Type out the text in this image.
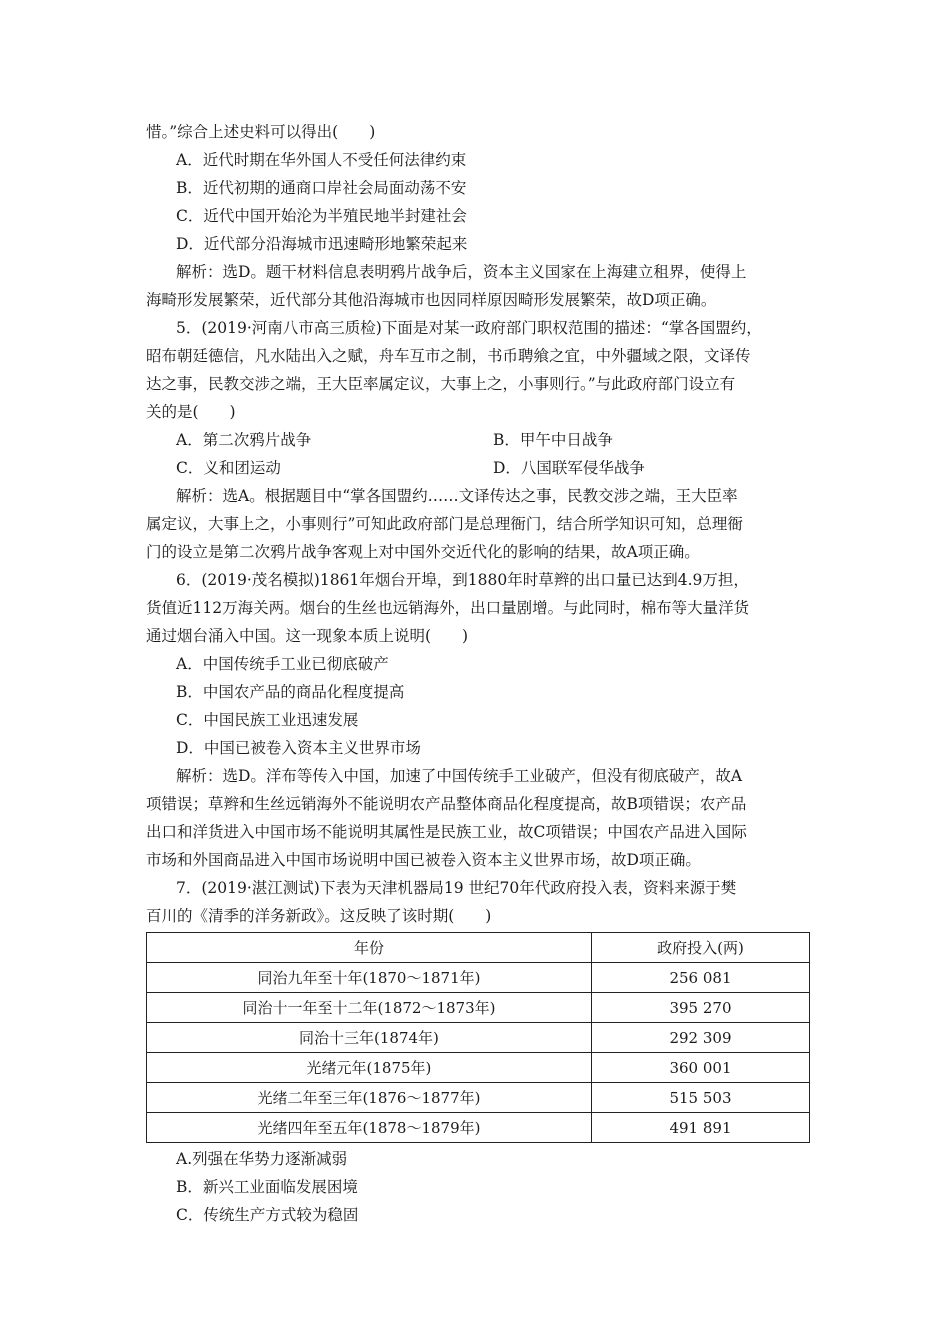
惜。”综合上述史料可以得出(　　)
A．近代时期在华外国人不受任何法律约束
B．近代初期的通商口岸社会局面动荡不安
C．近代中国开始沦为半殖民地半封建社会
D．近代部分沿海城市迅速畸形地繁荣起来
解析：选D。题干材料信息表明鸦片战争后，资本主义国家在上海建立租界，使得上
海畸形发展繁荣，近代部分其他沿海城市也因同样原因畸形发展繁荣，故D项正确。
5．(2019·河南八市高三质检)下面是对某一政府部门职权范围的描述：“掌各国盟约，
昭布朝廷德信，凡水陆出入之赋，舟车互市之制，书币聘飨之宜，中外疆域之限，文译传
达之事，民教交涉之端，王大臣率属定议，大事上之，小事则行。”与此政府部门设立有
关的是(　　)
A．第二次鸦片战争	B．甲午中日战争
C．义和团运动	D．八国联军侵华战争
解析：选A。根据题目中“掌各国盟约……文译传达之事，民教交涉之端，王大臣率
属定议，大事上之，小事则行”可知此政府部门是总理衙门，结合所学知识可知，总理衙
门的设立是第二次鸦片战争客观上对中国外交近代化的影响的结果，故A项正确。
6．(2019·茂名模拟)1861年烟台开埠，到1880年时草辫的出口量已达到4.9万担，
货值近112万海关两。烟台的生丝也远销海外，出口量剧增。与此同时，棉布等大量洋货
通过烟台涌入中国。这一现象本质上说明(　　)
A．中国传统手工业已彻底破产
B．中国农产品的商品化程度提高
C．中国民族工业迅速发展
D．中国已被卷入资本主义世界市场
解析：选D。洋布等传入中国，加速了中国传统手工业破产，但没有彻底破产，故A
项错误；草辫和生丝远销海外不能说明农产品整体商品化程度提高，故B项错误；农产品
出口和洋货进入中国市场不能说明其属性是民族工业，故C项错误；中国农产品进入国际
市场和外国商品进入中国市场说明中国已被卷入资本主义世界市场，故D项正确。
7．(2019·湛江测试)下表为天津机器局19 世纪70年代政府投入表，资料来源于樊
百川的《清季的洋务新政》。这反映了该时期(　　)
年份	政府投入(两)
同治九年至十年(1870～1871年)	256 081
同治十一年至十二年(1872～1873年)	395 270
同治十三年(1874年)	292 309
光绪元年(1875年)	360 001
光绪二年至三年(1876～1877年)	515 503
光绪四年至五年(1878～1879年)	491 891
A.列强在华势力逐渐减弱
B．新兴工业面临发展困境
C．传统生产方式较为稳固
